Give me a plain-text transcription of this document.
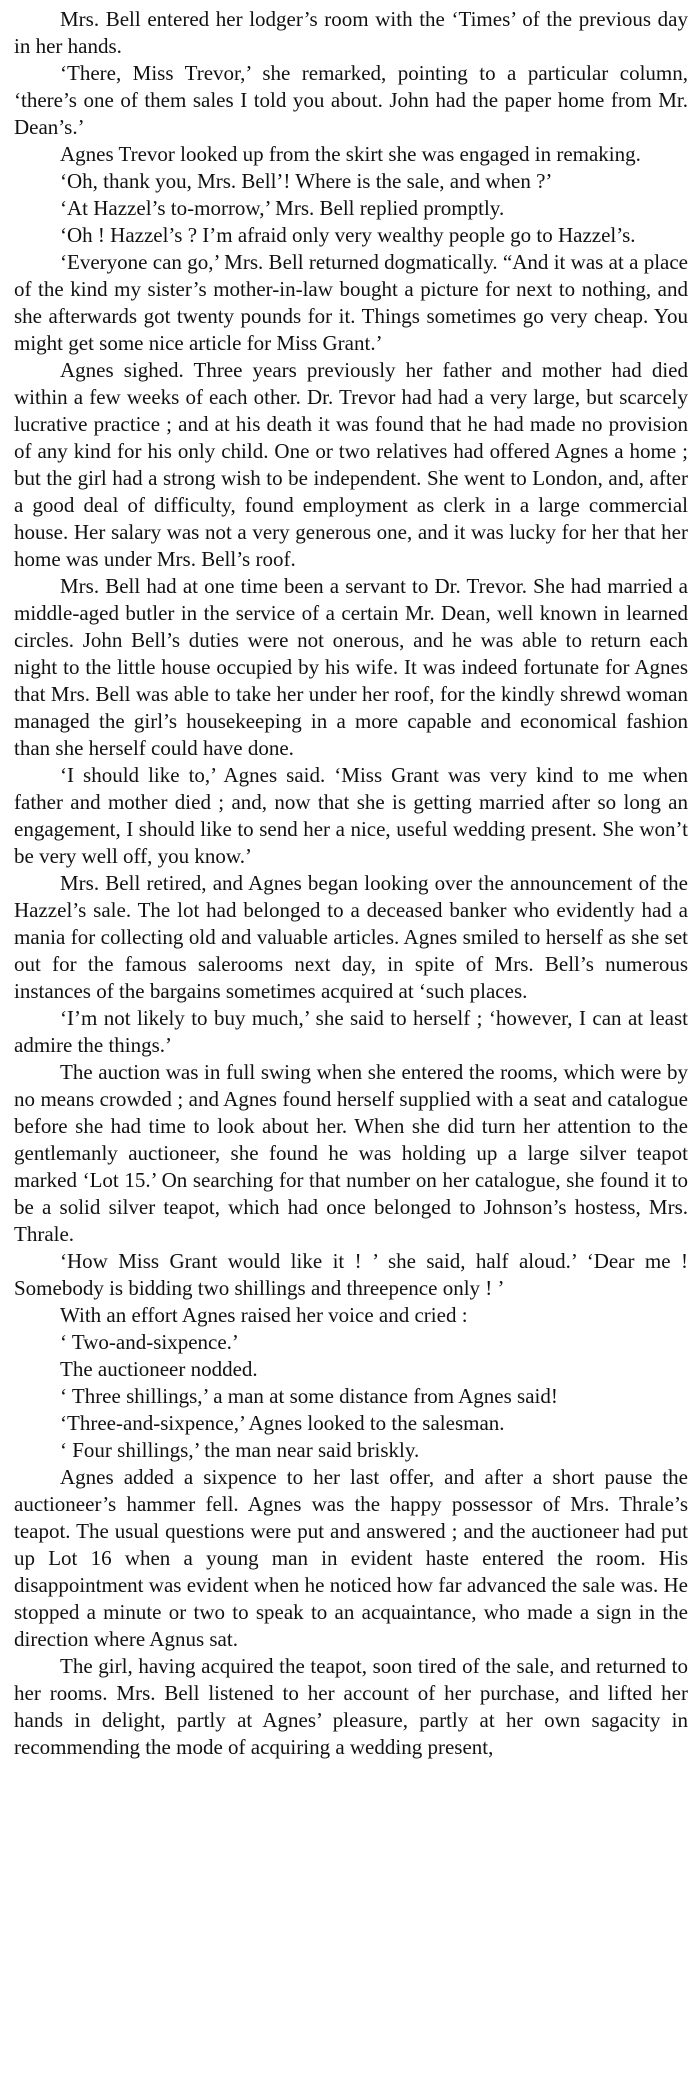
Mrs. Bell entered her lodger’s room with the ‘Times’ of the previous day in her hands.

‘There, Miss Trevor,’ she remarked, pointing to a particular column, ‘there’s one of them sales I told you about. John had the paper home from Mr. Dean’s.’

Agnes Trevor looked up from the skirt she was engaged in remaking.

‘Oh, thank you, Mrs. Bell’! Where is the sale, and when ?’

‘At Hazzel’s to-morrow,’ Mrs. Bell replied promptly.

‘Oh ! Hazzel’s ? I’m afraid only very wealthy people go to Hazzel’s.

‘Everyone can go,’ Mrs. Bell returned dogmatically. “And it was at a place of the kind my sister’s mother-in-law bought a picture for next to nothing, and she afterwards got twenty pounds for it. Things sometimes go very cheap. You might get some nice article for Miss Grant.’

Agnes sighed. Three years previously her father and mother had died within a few weeks of each other. Dr. Trevor had had a very large, but scarcely lucrative practice ; and at his death it was found that he had made no provision of any kind for his only child. One or two relatives had offered Agnes a home ; but the girl had a strong wish to be independent. She went to London, and, after a good deal of difficulty, found employment as clerk in a large commercial house. Her salary was not a very generous one, and it was lucky for her that her home was under Mrs. Bell’s roof.

Mrs. Bell had at one time been a servant to Dr. Trevor. She had married a middle-aged butler in the service of a certain Mr. Dean, well known in learned circles. John Bell’s duties were not onerous, and he was able to return each night to the little house occupied by his wife. It was indeed fortunate for Agnes that Mrs. Bell was able to take her under her roof, for the kindly shrewd woman managed the girl’s housekeeping in a more capable and economical fashion than she herself could have done.

‘I should like to,’ Agnes said. ‘Miss Grant was very kind to me when father and mother died ; and, now that she is getting married after so long an engagement, I should like to send her a nice, useful wedding present. She won’t be very well off, you know.’

Mrs. Bell retired, and Agnes began looking over the announcement of the Hazzel’s sale. The lot had belonged to a deceased banker who evidently had a mania for collecting old and valuable articles. Agnes smiled to herself as she set out for the famous salerooms next day, in spite of Mrs. Bell’s numerous instances of the bargains sometimes acquired at ‘such places.

‘I’m not likely to buy much,’ she said to herself ; ‘however, I can at least admire the things.’

The auction was in full swing when she entered the rooms, which were by no means crowded ; and Agnes found herself supplied with a seat and catalogue before she had time to look about her. When she did turn her attention to the gentlemanly auctioneer, she found he was holding up a large silver teapot marked ‘Lot 15.’ On searching for that number on her catalogue, she found it to be a solid silver teapot, which had once belonged to Johnson’s hostess, Mrs. Thrale.

‘How Miss Grant would like it ! ’ she said, half aloud.’ ‘Dear me ! Somebody is bidding two shillings and threepence only ! ’

With an effort Agnes raised her voice and cried :

‘ Two-and-sixpence.’

The auctioneer nodded.

‘ Three shillings,’ a man at some distance from Agnes said!

‘Three-and-sixpence,’ Agnes looked to the salesman.

‘ Four shillings,’ the man near said briskly.

Agnes added a sixpence to her last offer, and after a short pause the auctioneer’s hammer fell. Agnes was the happy possessor of Mrs. Thrale’s teapot. The usual questions were put and answered ; and the auctioneer had put up Lot 16 when a young man in evident haste entered the room. His disappointment was evident when he noticed how far advanced the sale was. He stopped a minute or two to speak to an acquaintance, who made a sign in the direction where Agnus sat.

The girl, having acquired the teapot, soon tired of the sale, and returned to her rooms. Mrs. Bell listened to her account of her purchase, and lifted her hands in delight, partly at Agnes’ pleasure, partly at her own sagacity in recommending the mode of acquiring a wedding present,
